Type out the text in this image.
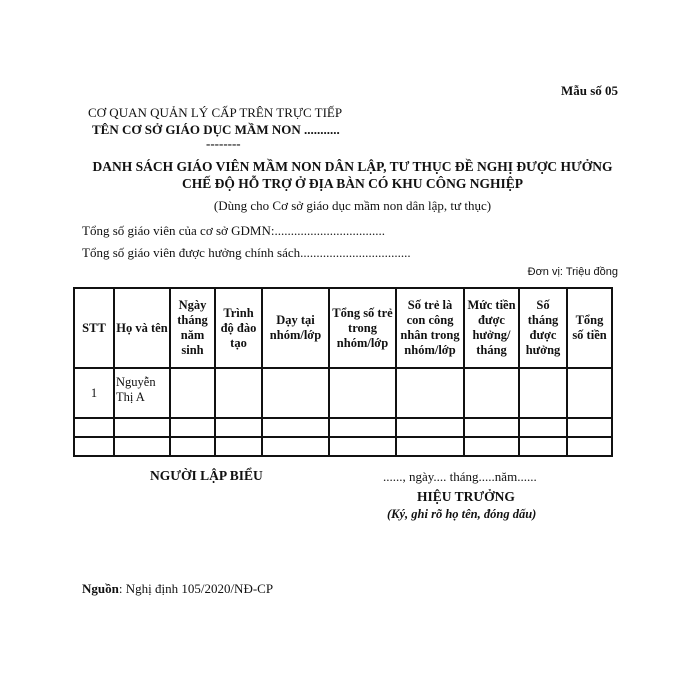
Mẫu số 05
CƠ QUAN QUẢN LÝ CẤP TRÊN TRỰC TIẾP
TÊN CƠ SỞ GIÁO DỤC MẦM NON ...........
--------
DANH SÁCH GIÁO VIÊN MẦM NON DÂN LẬP, TƯ THỤC ĐỀ NGHỊ ĐƯỢC HƯỞNG
CHẾ ĐỘ HỖ TRỢ Ở ĐỊA BÀN CÓ KHU CÔNG NGHIỆP
(Dùng cho Cơ sở giáo dục mầm non dân lập, tư thục)
Tổng số giáo viên của cơ sở GDMN:..................................
Tổng số giáo viên được hưởng chính sách..................................
Đơn vị: Triệu đồng
STT	Họ và tên	Ngày tháng năm sinh	Trình độ đào tạo	Dạy tại nhóm/lớp	Tổng số trẻ trong nhóm/lớp	Số trẻ là con công nhân trong nhóm/lớp	Mức tiền được hưởng/ tháng	Số tháng được hưởng	Tổng số tiền
1	Nguyễn Thị A								

NGƯỜI LẬP BIỂU	......, ngày.... tháng.....năm......
HIỆU TRƯỞNG
(Ký, ghi rõ họ tên, đóng dấu)
Nguồn: Nghị định 105/2020/NĐ-CP
